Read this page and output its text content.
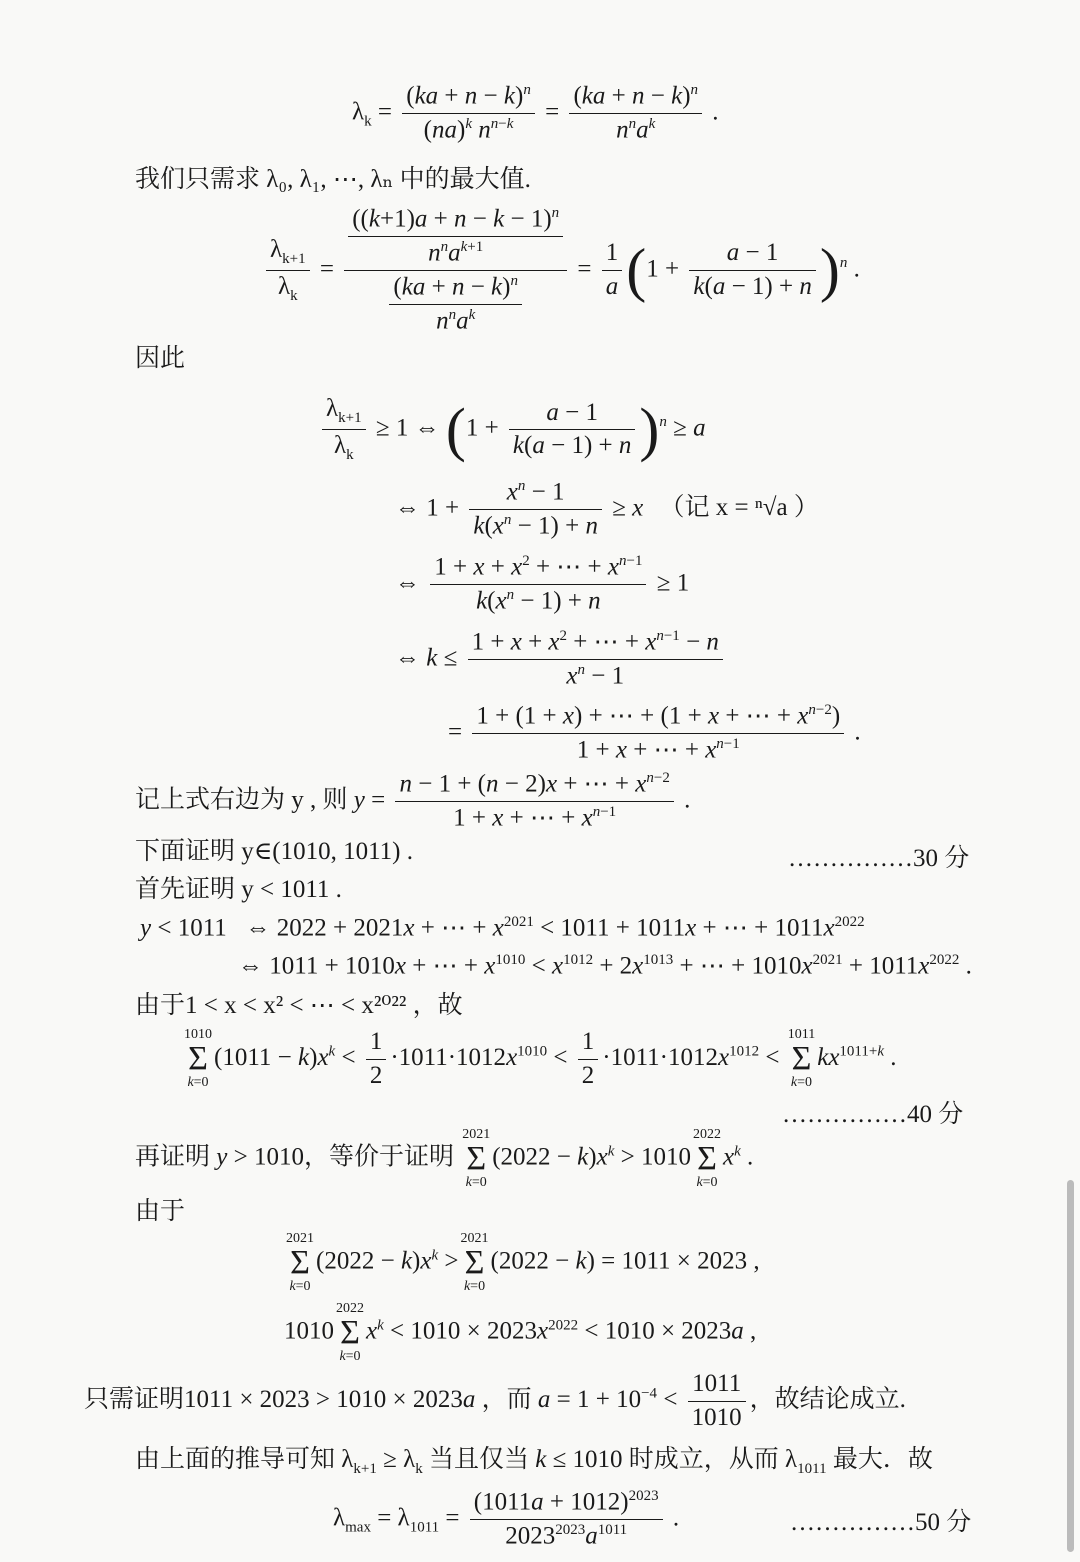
$\lambda_k = \frac{(ka + n - k)^n}{(na)^k n^{n-k}} = \frac{(ka + n - k)^n}{n^na^k}$ .
我们只需求 λ₀, λ₁, ⋯, λₙ 中的最大值.
$\frac{\lambda_{k+1}}{\lambda_k} = \frac{\frac{((k+1)a + n - k - 1)^n}{n^na^{k+1}}}{\frac{(ka + n - k)^n}{n^na^k}} = \frac{1}{a} (1 + \frac{a - 1}{k(a - 1) + n} )^n$ .
因此
$\frac{\lambda_{k+1}}{\lambda_k} \ge 1$ ⇔ $(1 + \frac{a - 1}{k(a - 1) + n} )^n \ge a$
⇔ $1 + \frac{x^n - 1}{k(x^n - 1) + n} \ge x$ （记 x = ⁿ√a ）
⇔ $\frac{1 + x + x^2 + \cdots + x^{n-1}}{k(x^n - 1) + n} \ge 1$
⇔ $k \le \frac{1 + x + x^2 + \cdots + x^{n-1} - n}{x^n - 1}$
= $\frac{1 + (1 + x) + \cdots + (1 + x + \cdots + x^{n-2})}{1 + x + \cdots + x^{n-1}}$ .
记上式右边为 y , 则 $y = \frac{n - 1 + (n - 2)x + \cdots + x^{n-2}}{1 + x + \cdots + x^{n-1}}$ .
下面证明 y∈(1010, 1011) .	……………30 分
首先证明 y < 1011 .
y < 1011   ⇔ 2022 + 2021x + ⋯ + $x^{2021} < 1011 + 1011x$ + ⋯ + $1011x^{2022}$
⇔ 1011 + 1010x + ⋯ + $x^{1010} < x^{1012} + 2x^{1013}$ + ⋯ + $1010x^{2021} + 1011x^{2022}$ .
由于1 < x < x² < ⋯ < x²⁰²² ，故
1010
Σ
k=0
$(1011 - k)x^k < \frac{1}{2} \cdot 1011\cdot 1012x^{1010} < \frac{1}{2} \cdot 1011\cdot 1012x^{1012}$ <
1011
Σ
k=0
$kx^{1011+k}$ .
……………40 分
再证明 y > 1010，等价于证明
2021
Σ
k=0
$(2022 - k)x^k > 1010$
2022
Σ
k=0
$x^k$ .
由于
2021
Σ
k=0
$(2022 - k)x^k$ >
2021
Σ
k=0
(2022 − k) = 1011 × 2023 ,
1010
2022
Σ
k=0
$x^k < 1010 \times 2023x^{2022} < 1010 \times 2023a$ ,
只需证明1011 × 2023 > 1010 × 2023a ，而 $a = 1 + 10^{-4} < \frac{1011}{1010}$ ，故结论成立.
由上面的推导可知 $\lambda_{k+1} \ge \lambda_k$ 当且仅当 k ≤ 1010 时成立，从而 $\lambda_{1011}$ 最大．故
$\lambda_{max} = \lambda_{1011} = \frac{(1011a + 1012)^{2023}}{2023^{2023}a^{1011}}$ .	……………50 分
